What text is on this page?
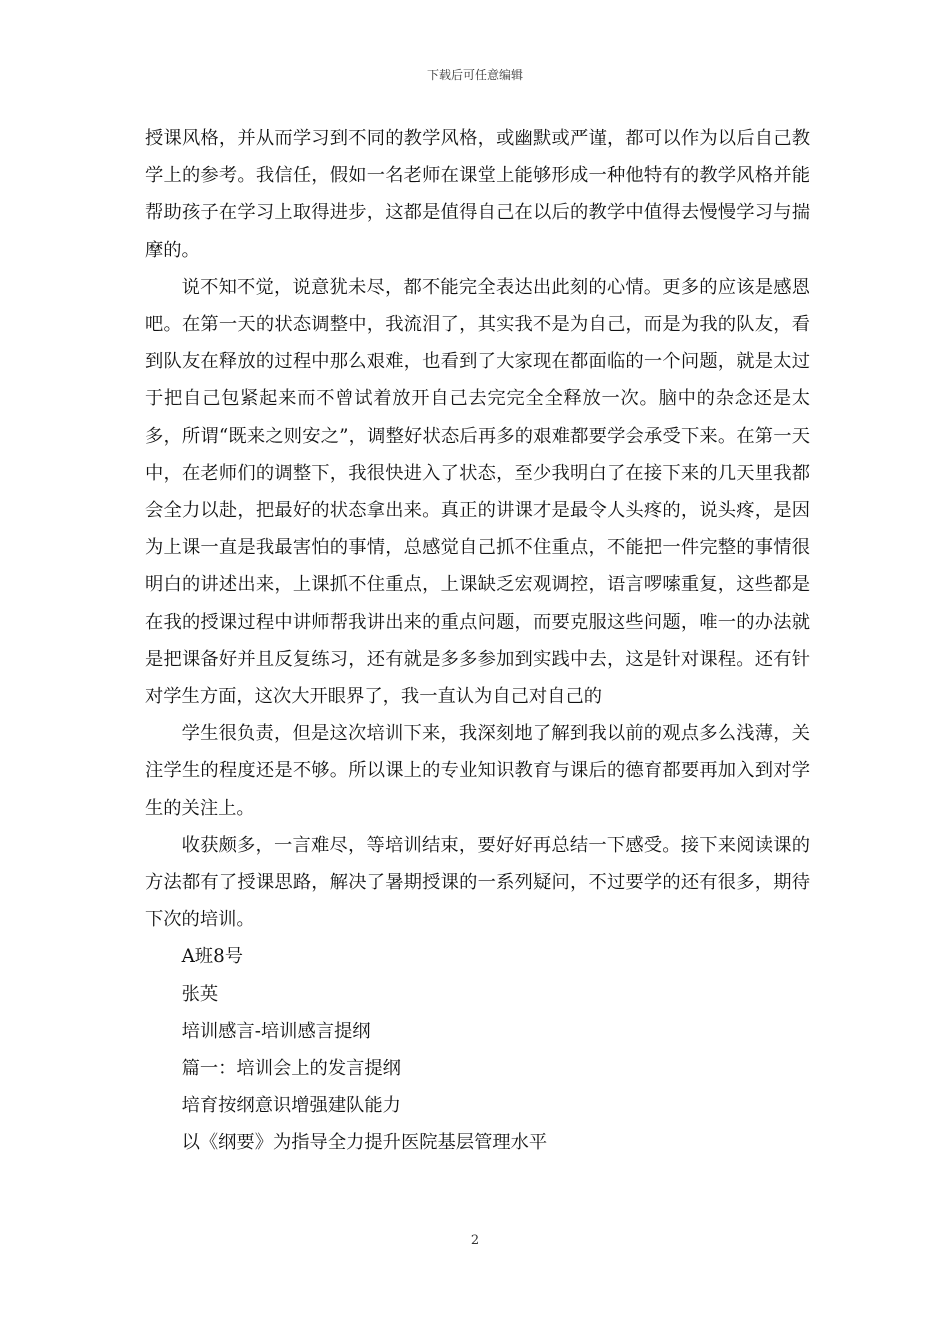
下载后可任意编辑

授课风格，并从而学习到不同的教学风格，或幽默或严谨，都可以作为以后自己教学上的参考。我信任，假如一名老师在课堂上能够形成一种他特有的教学风格并能帮助孩子在学习上取得进步，这都是值得自己在以后的教学中值得去慢慢学习与揣摩的。

说不知不觉，说意犹未尽，都不能完全表达出此刻的心情。更多的应该是感恩吧。在第一天的状态调整中，我流泪了，其实我不是为自己，而是为我的队友，看到队友在释放的过程中那么艰难，也看到了大家现在都面临的一个问题，就是太过于把自己包紧起来而不曾试着放开自己去完完全全释放一次。脑中的杂念还是太多，所谓“既来之则安之”，调整好状态后再多的艰难都要学会承受下来。在第一天中，在老师们的调整下，我很快进入了状态，至少我明白了在接下来的几天里我都会全力以赴，把最好的状态拿出来。真正的讲课才是最令人头疼的，说头疼，是因为上课一直是我最害怕的事情，总感觉自己抓不住重点，不能把一件完整的事情很明白的讲述出来，上课抓不住重点，上课缺乏宏观调控，语言啰嗦重复，这些都是在我的授课过程中讲师帮我讲出来的重点问题，而要克服这些问题，唯一的办法就是把课备好并且反复练习，还有就是多多参加到实践中去，这是针对课程。还有针对学生方面，这次大开眼界了，我一直认为自己对自己的

学生很负责，但是这次培训下来，我深刻地了解到我以前的观点多么浅薄，关注学生的程度还是不够。所以课上的专业知识教育与课后的德育都要再加入到对学生的关注上。

收获颇多，一言难尽，等培训结束，要好好再总结一下感受。接下来阅读课的方法都有了授课思路，解决了暑期授课的一系列疑问，不过要学的还有很多，期待下次的培训。

A班8号
张英
培训感言-培训感言提纲
篇一：培训会上的发言提纲
培育按纲意识增强建队能力
以《纲要》为指导全力提升医院基层管理水平
2
